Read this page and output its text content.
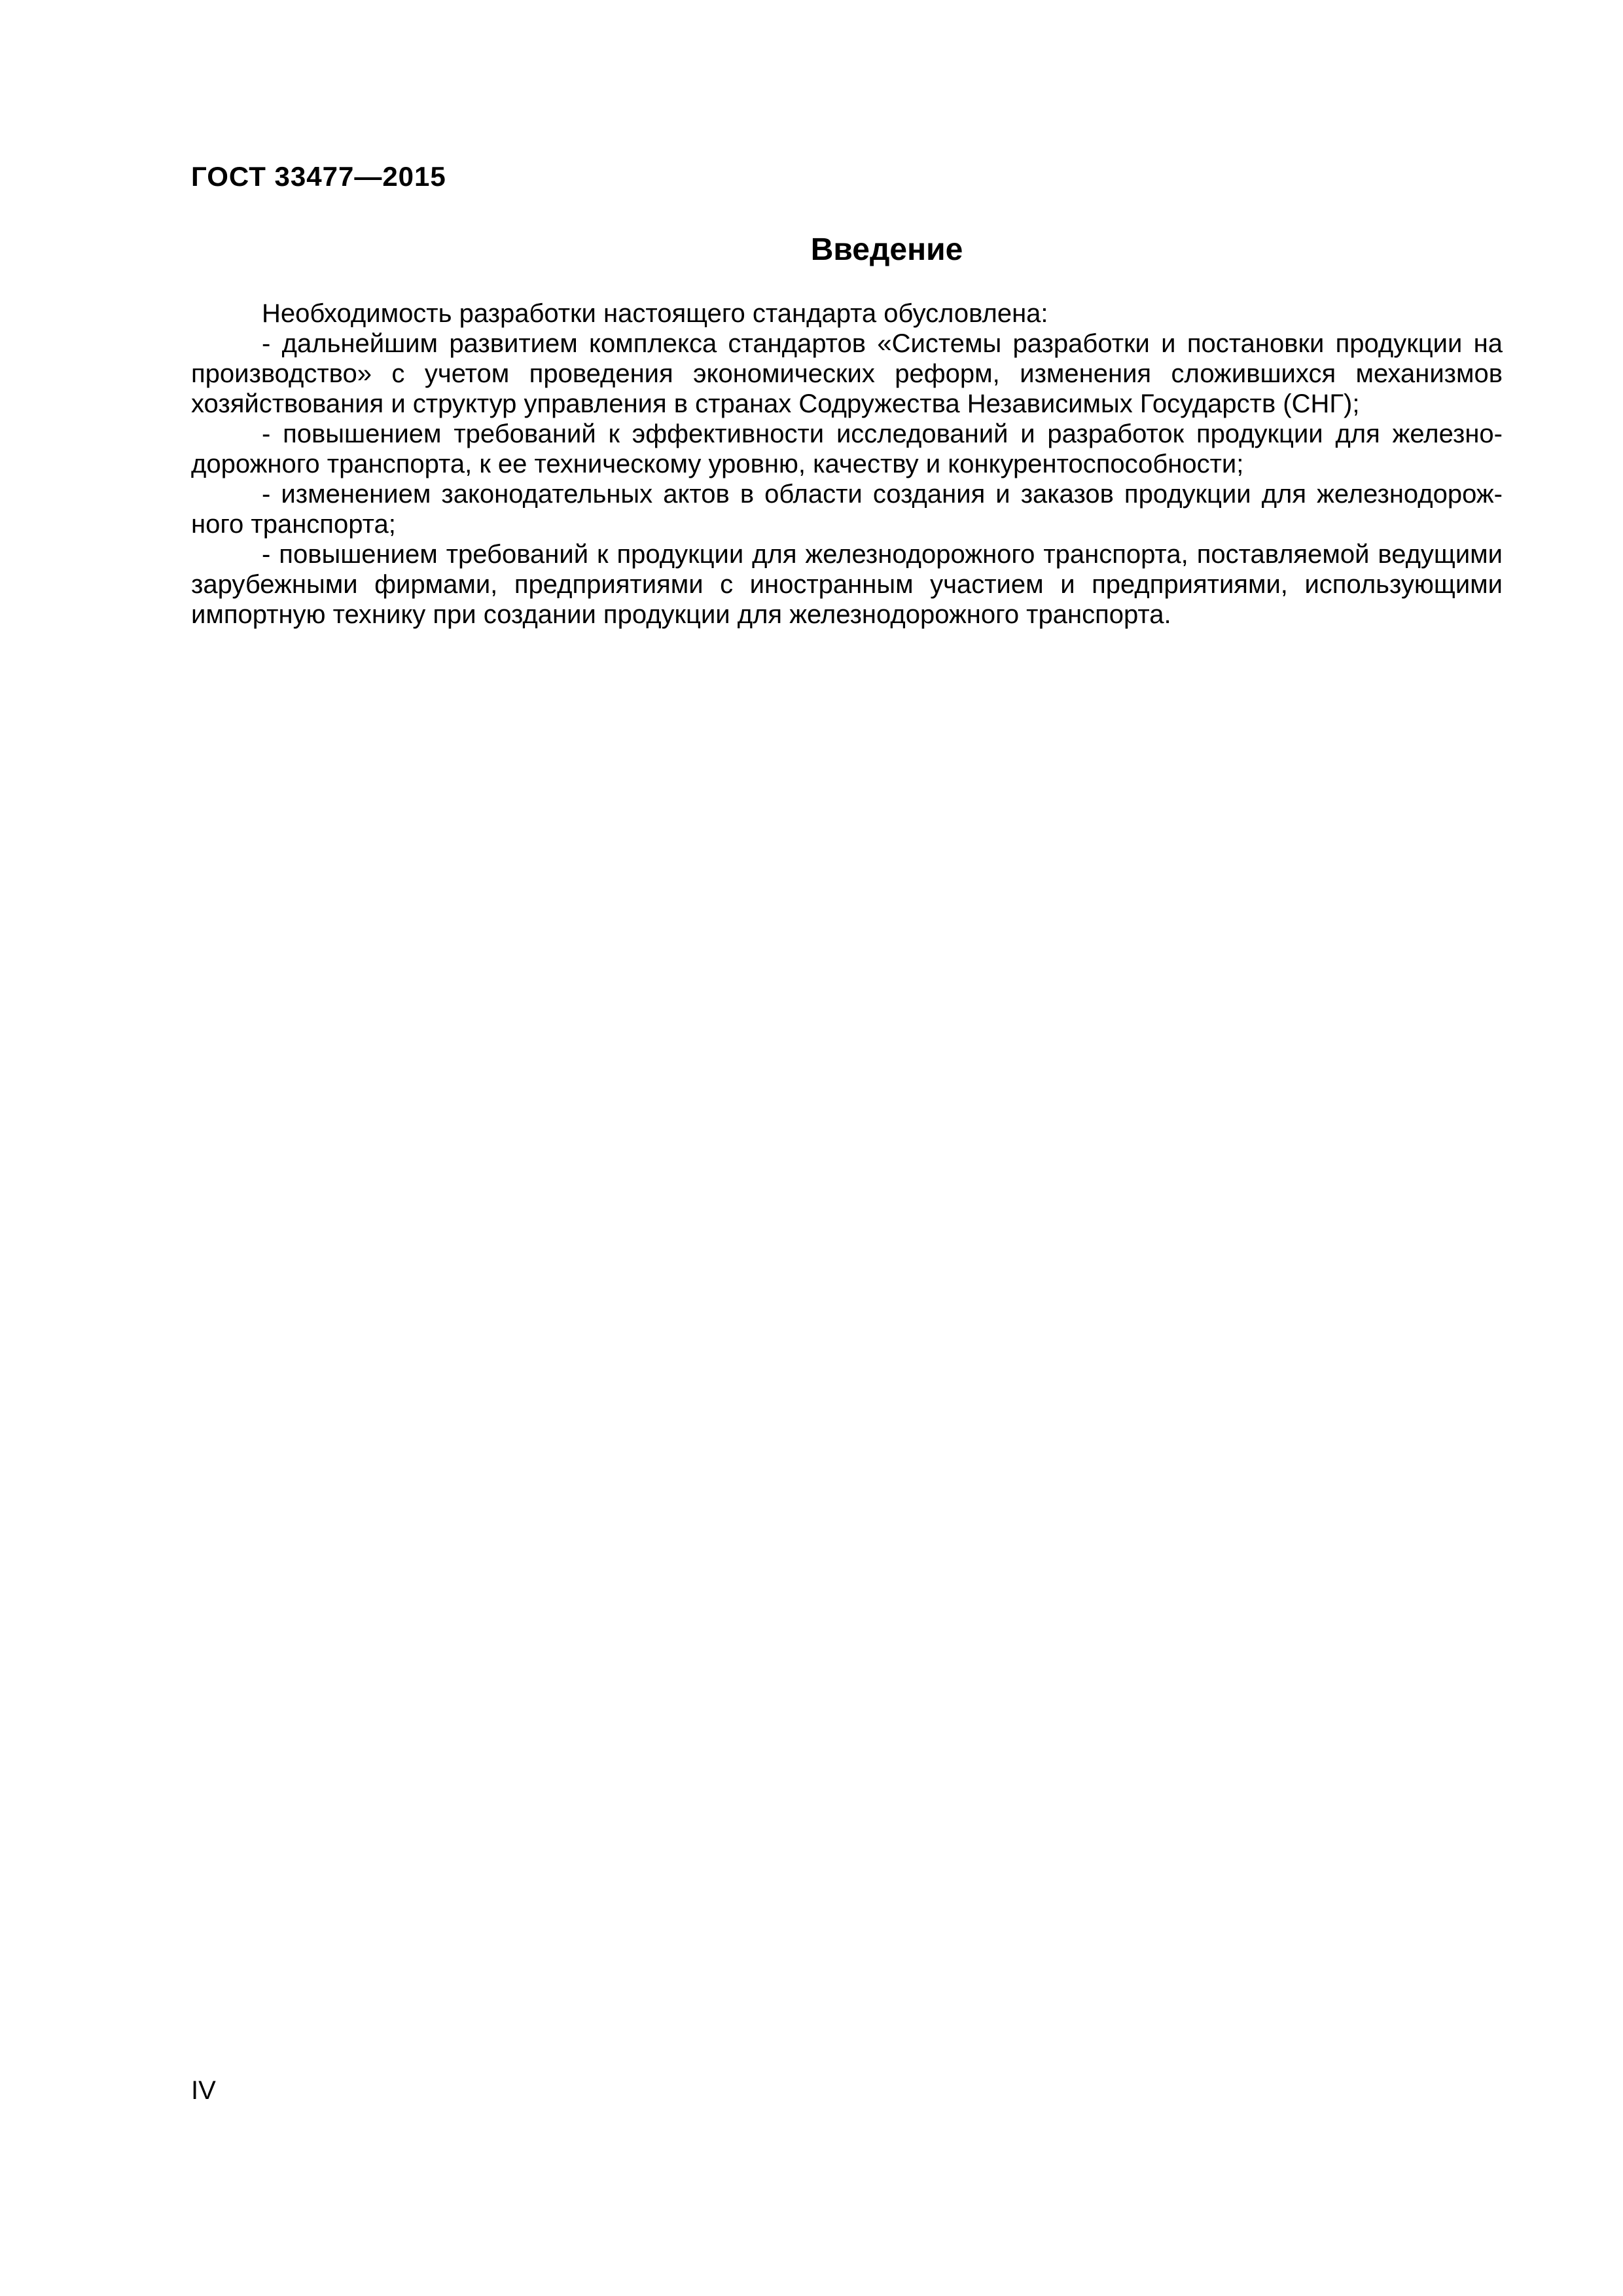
ГОСТ 33477—2015
Введение

Необходимость разработки настоящего стандарта обусловлена:

- дальнейшим развитием комплекса стандартов «Системы разработки и постановки продукции на производство» с учетом проведения экономических реформ, изменения сложившихся механизмов хозяйствования и структур управления в странах Содружества Независимых Государств (СНГ);

- повышением требований к эффективности исследований и разработок продукции для железнодорожного транспорта, к ее техническому уровню, качеству и конкурентоспособности;

- изменением законодательных актов в области создания и заказов продукции для железнодорожного транспорта;

- повышением требований к продукции для железнодорожного транспорта, поставляемой ведущими зарубежными фирмами, предприятиями с иностранным участием и предприятиями, использующими импортную технику при создании продукции для железнодорожного транспорта.

IV
